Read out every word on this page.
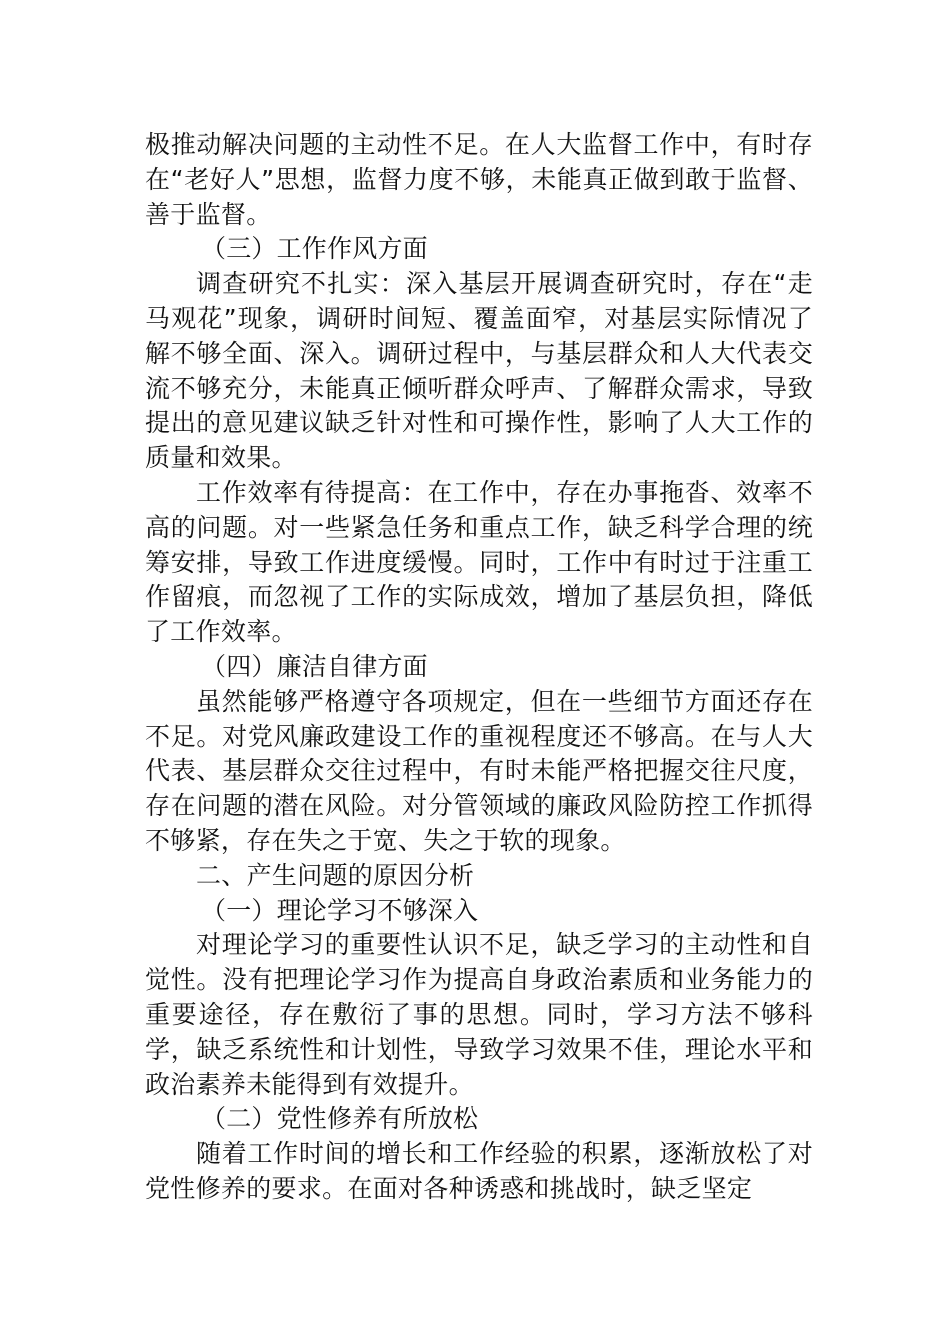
极推动解决问题的主动性不足。在人大监督工作中，有时存在“老好人”思想，监督力度不够，未能真正做到敢于监督、善于监督。

（三）工作作风方面

调查研究不扎实：深入基层开展调查研究时，存在“走马观花”现象，调研时间短、覆盖面窄，对基层实际情况了解不够全面、深入。调研过程中，与基层群众和人大代表交流不够充分，未能真正倾听群众呼声、了解群众需求，导致提出的意见建议缺乏针对性和可操作性，影响了人大工作的质量和效果。

工作效率有待提高：在工作中，存在办事拖沓、效率不高的问题。对一些紧急任务和重点工作，缺乏科学合理的统筹安排，导致工作进度缓慢。同时，工作中有时过于注重工作留痕，而忽视了工作的实际成效，增加了基层负担，降低了工作效率。

（四）廉洁自律方面

虽然能够严格遵守各项规定，但在一些细节方面还存在不足。对党风廉政建设工作的重视程度还不够高。在与人大代表、基层群众交往过程中，有时未能严格把握交往尺度，存在问题的潜在风险。对分管领域的廉政风险防控工作抓得不够紧，存在失之于宽、失之于软的现象。

二、产生问题的原因分析

（一）理论学习不够深入

对理论学习的重要性认识不足，缺乏学习的主动性和自觉性。没有把理论学习作为提高自身政治素质和业务能力的重要途径，存在敷衍了事的思想。同时，学习方法不够科学，缺乏系统性和计划性，导致学习效果不佳，理论水平和政治素养未能得到有效提升。

（二）党性修养有所放松

随着工作时间的增长和工作经验的积累，逐渐放松了对党性修养的要求。在面对各种诱惑和挑战时，缺乏坚定
